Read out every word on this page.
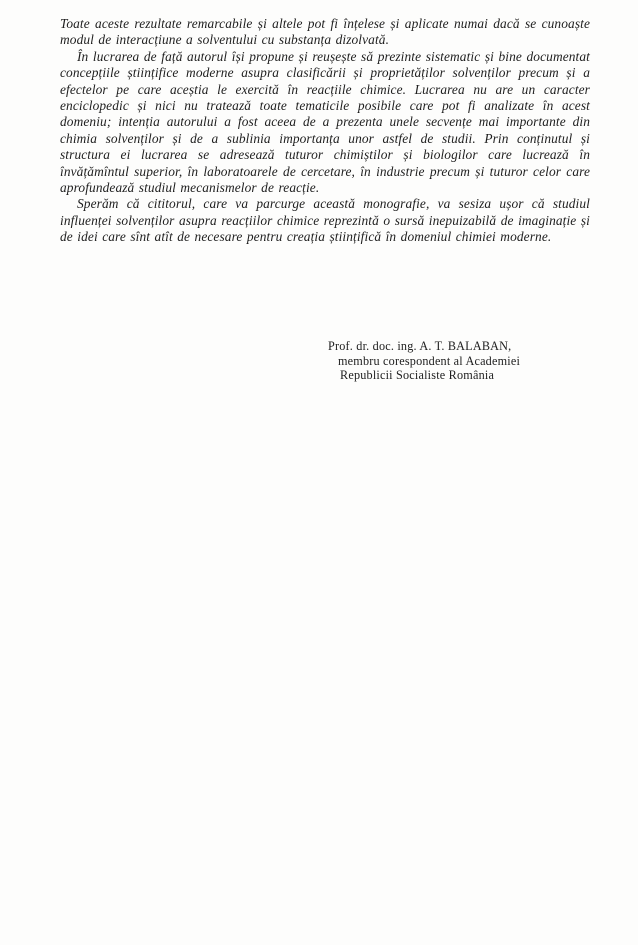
Toate aceste rezultate remarcabile și altele pot fi înțelese și aplicate numai dacă se cunoaște modul de interacțiune a solventului cu substanța dizolvată.

În lucrarea de față autorul își propune și reușește să prezinte sistematic și bine documentat concepțiile științifice moderne asupra clasificării și proprietăților solvenților precum și a efectelor pe care aceștia le exercită în reacțiile chimice. Lucrarea nu are un caracter enciclopedic și nici nu tratează toate tematicile posibile care pot fi analizate în acest domeniu; intenția autorului a fost aceea de a prezenta unele secvențe mai importante din chimia solvenților și de a sublinia importanța unor astfel de studii. Prin conținutul și structura ei lucrarea se adresează tuturor chimiștilor și biologilor care lucrează în învățămîntul superior, în laboratoarele de cercetare, în industrie precum și tuturor celor care aprofundează studiul mecanismelor de reacție.

Sperăm că cititorul, care va parcurge această monografie, va sesiza ușor că studiul influenței solvenților asupra reacțiilor chimice reprezintă o sursă inepuizabilă de imaginație și de idei care sînt atît de necesare pentru creația științifică în domeniul chimiei moderne.

Prof. dr. doc. ing. A. T. BALABAN,
membru corespondent al Academiei
Republicii Socialiste România
